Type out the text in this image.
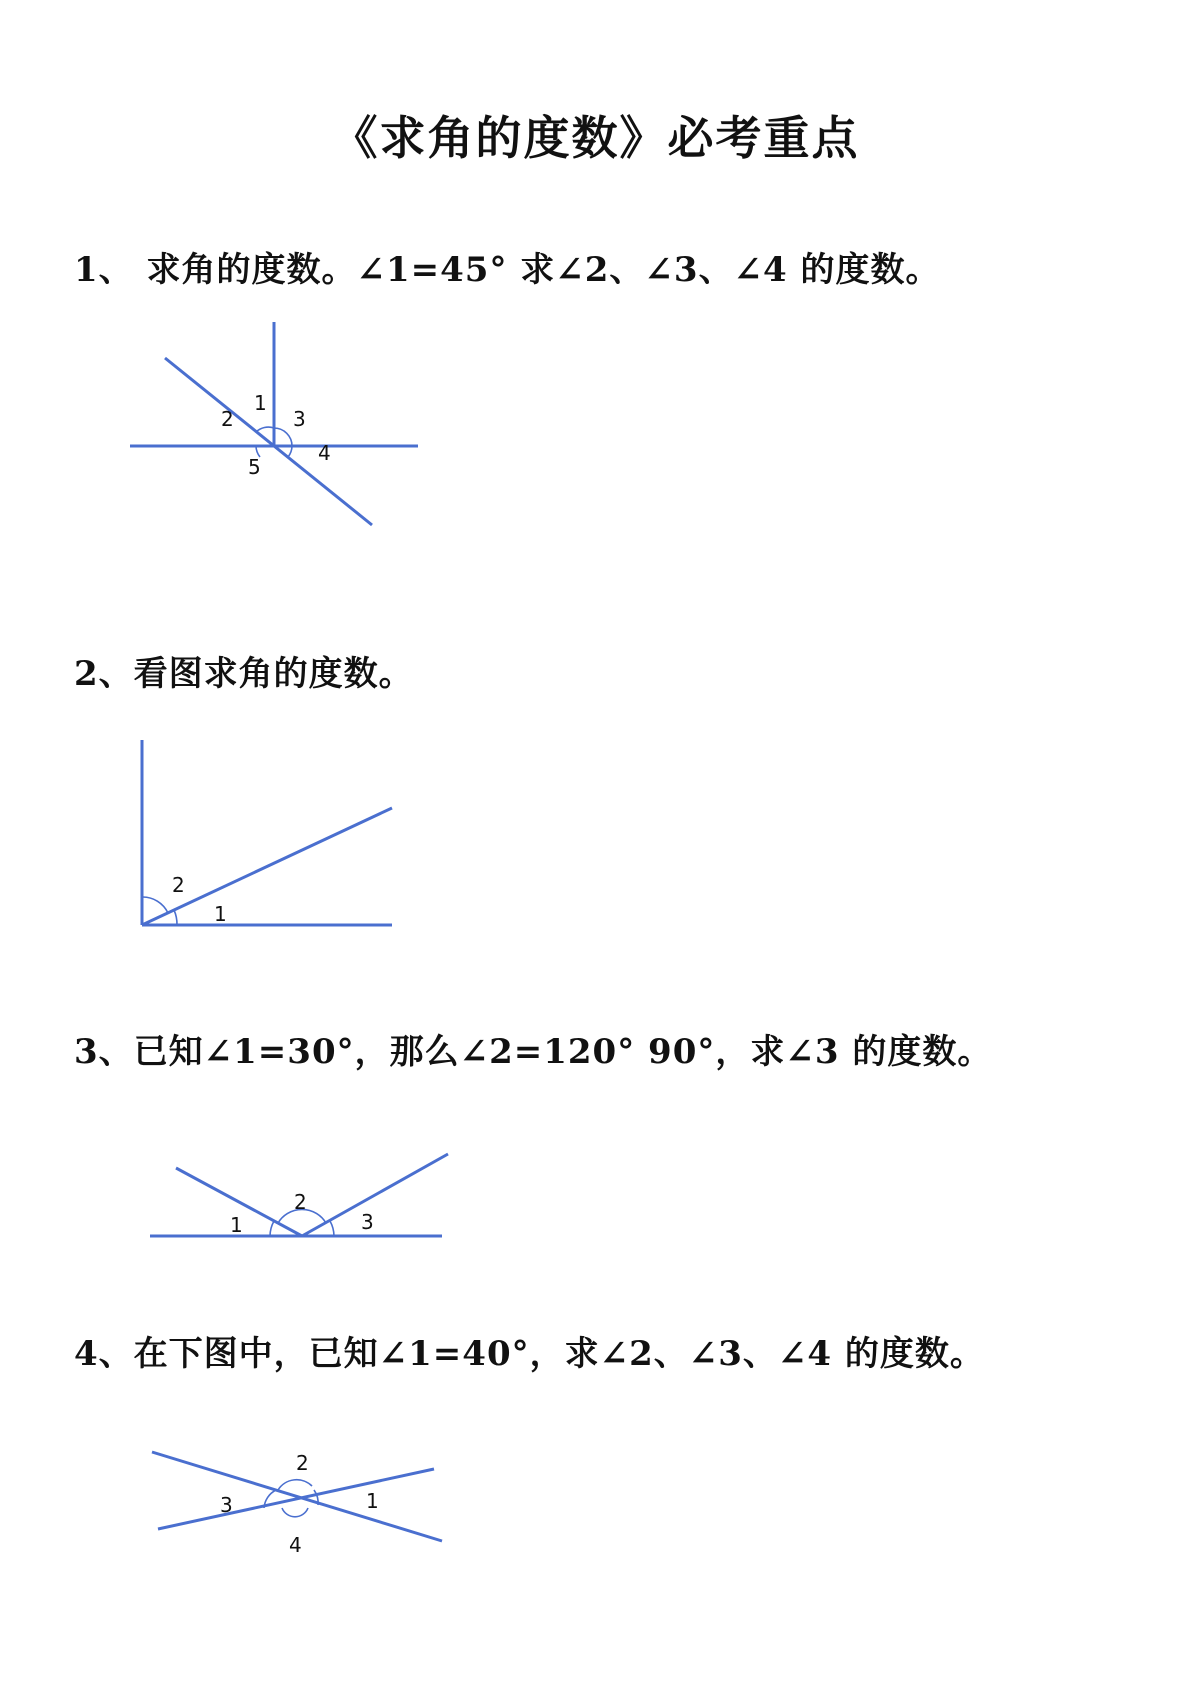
《求角的度数》必考重点
1、 求角的度数。∠1=45° 求∠2、∠3、∠4 的度数。
1
2	3
4
5
2、看图求角的度数。
2
1
3、已知∠1=30°，那么∠2=120° 90°，求∠3 的度数。
2
1	3
4、在下图中，已知∠1=40°，求∠2、∠3、∠4 的度数。
2
3	1
4
